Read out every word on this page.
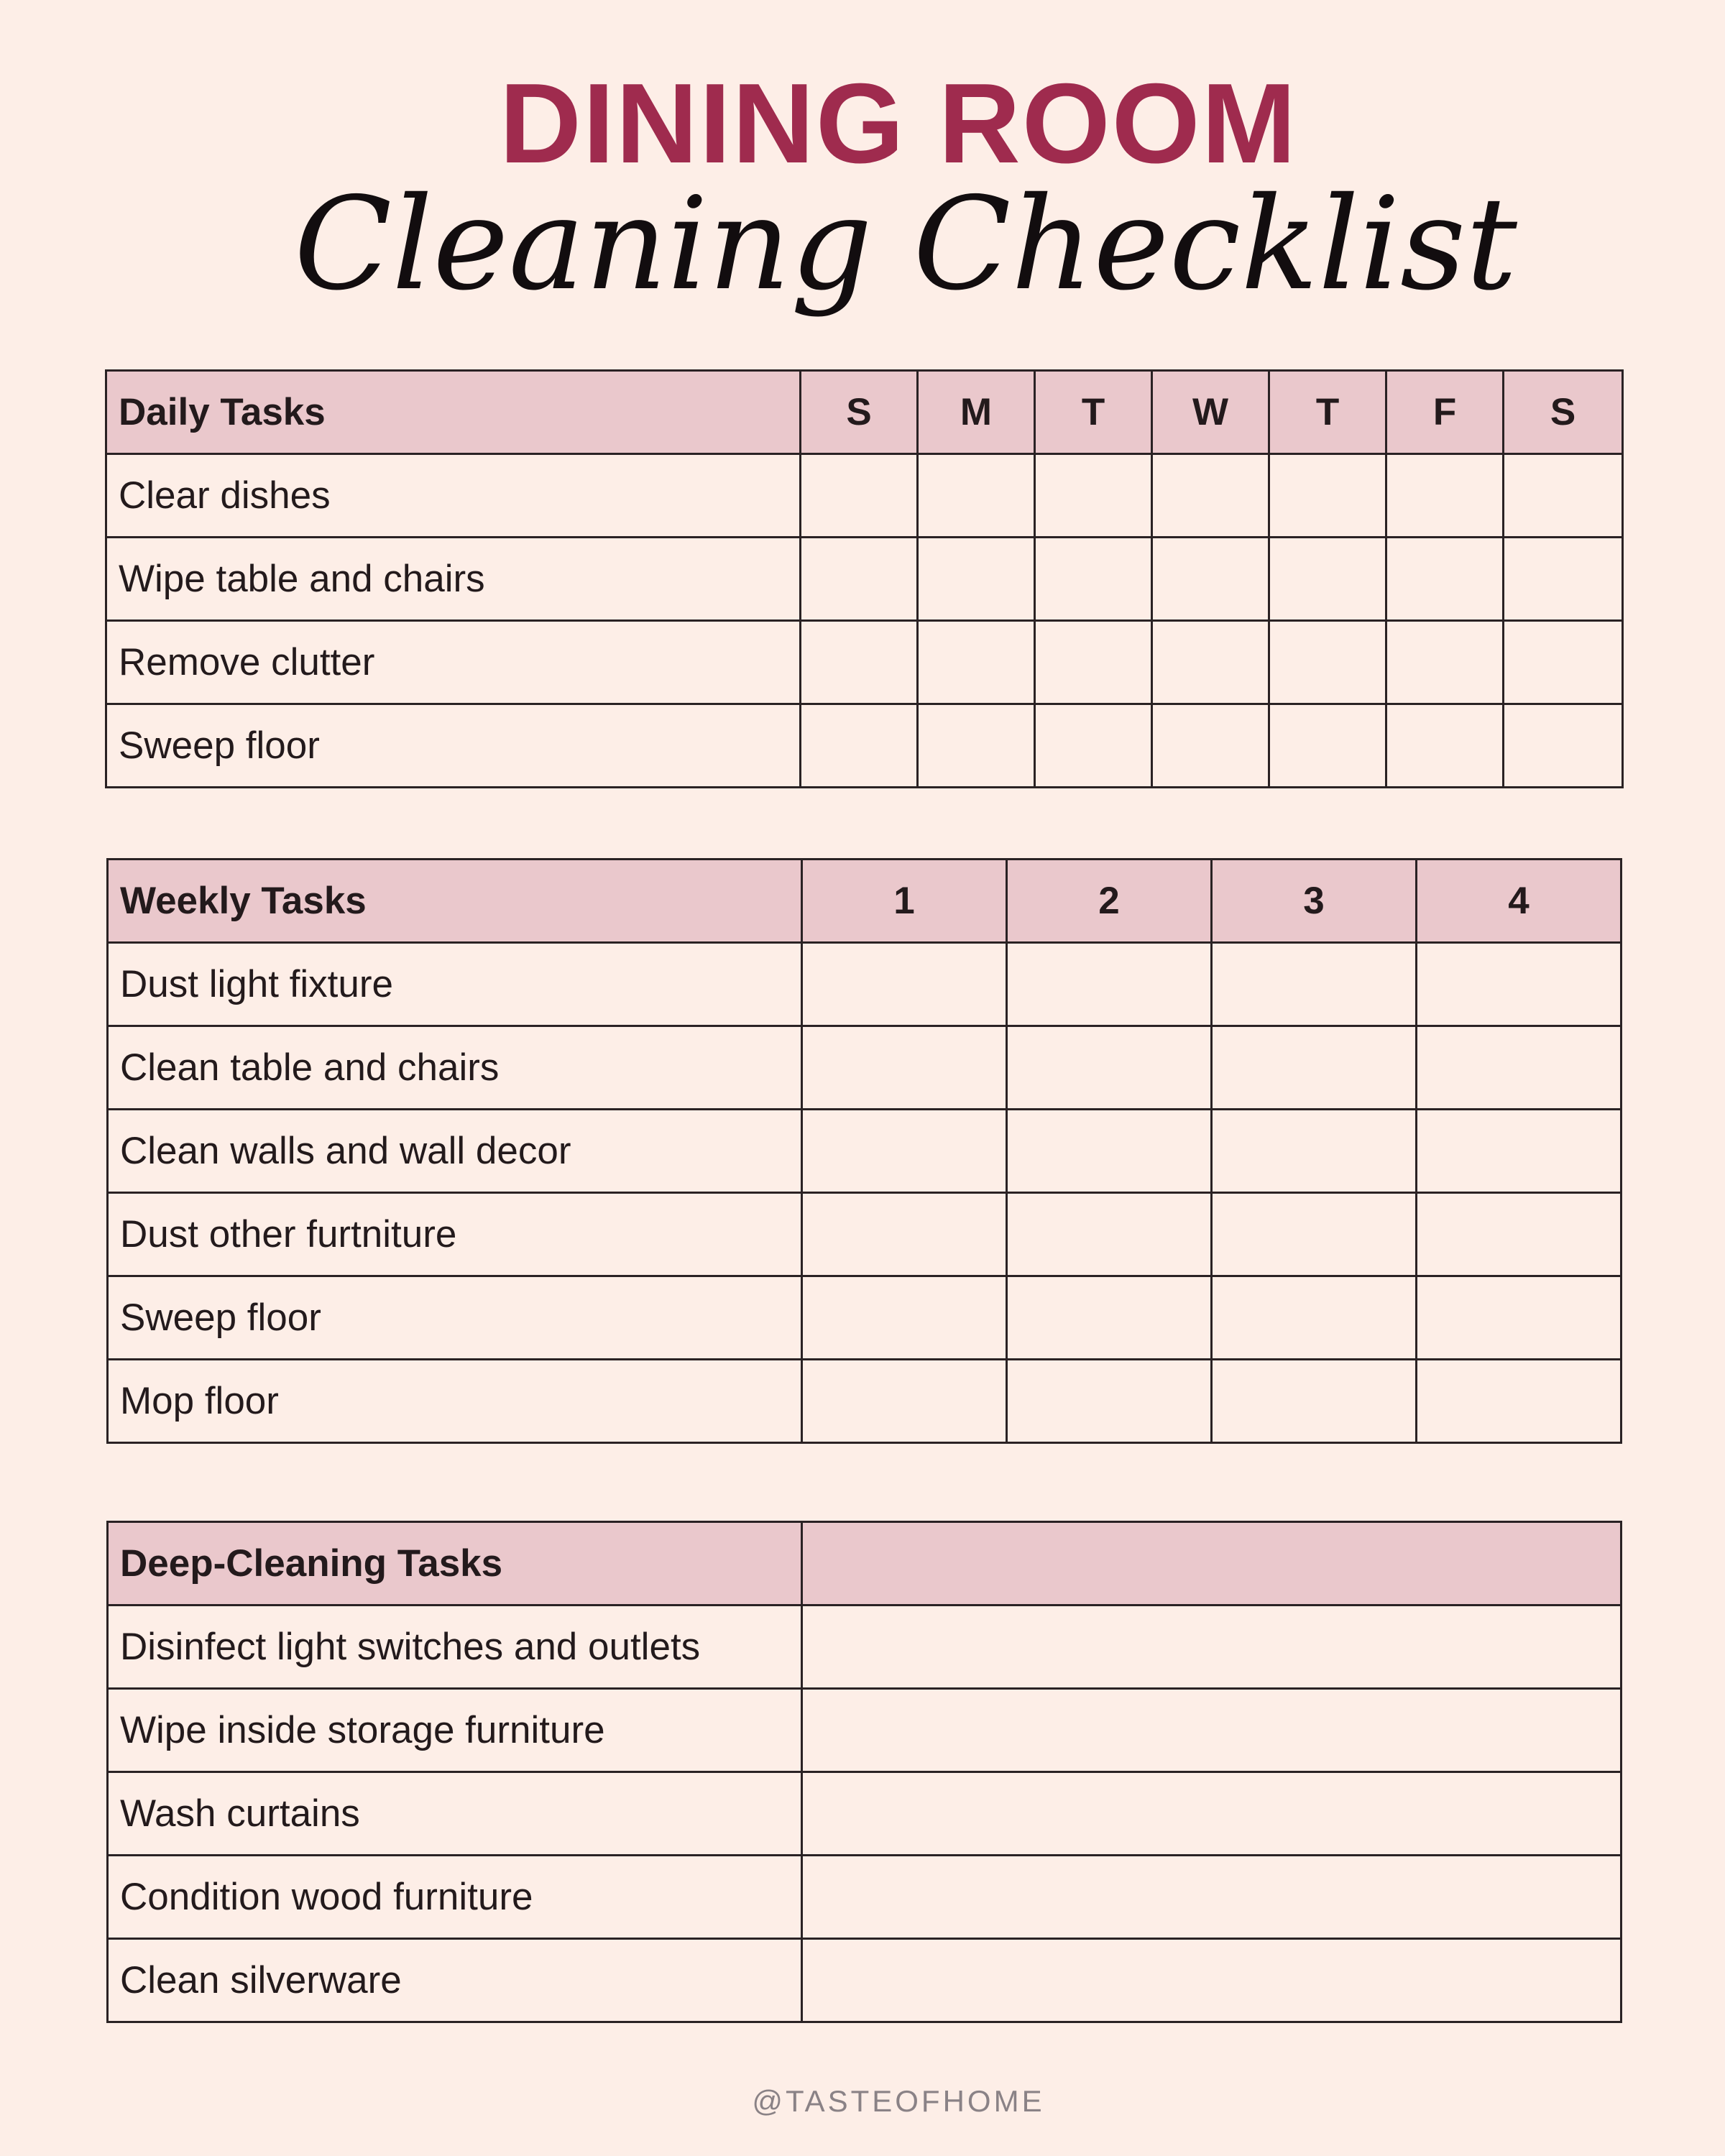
DINING ROOM
Cleaning Checklist
Daily Tasks	S	M	T	W	T	F	S
Clear dishes							
Wipe table and chairs							
Remove clutter							
Sweep floor							
Weekly Tasks	1	2	3	4
Dust light fixture				
Clean table and chairs				
Clean walls and wall decor				
Dust other furtniture				
Sweep floor				
Mop floor				
Deep-Cleaning Tasks	
Disinfect light switches and outlets	
Wipe inside storage furniture	
Wash curtains	
Condition wood furniture	
Clean silverware	
@TASTEOFHOME
